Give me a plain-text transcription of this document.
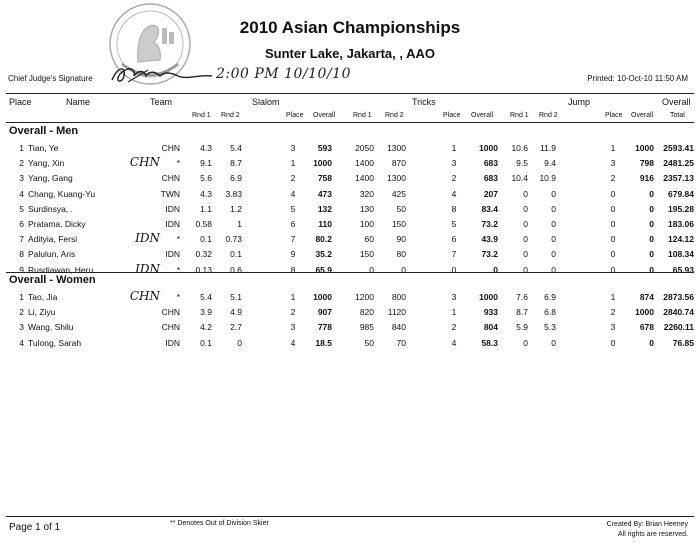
2010 Asian Championships
Sunter Lake, Jakarta, , AAO
Chief Judge's Signature	2:00 PM 10/10/10	Printed: 10-Oct-10 11:50 AM
Place	Name	Team	Slalom	Tricks	Jump	Overall
Rnd 1 Rnd 2	Place Overall	Rnd 1 Rnd 2	Place Overall Rnd 1 Rnd 2	Place Overall Total
Overall - Men
1 Tian, Ye	CHN	4.3	5.4	3	593	2050	1300	1	1000	10.6	11.9	1	1000	2593.41
2 Yang, Xin	CHN	*	9.1	8.7	1	1000	1400	870	3	683	9.5	9.4	3	798	2481.25
3 Yang, Gang	CHN	5.6	6.9	2	758	1400	1300	2	683	10.4	10.9	2	916	2357.13
4 Chang, Kuang-Yu	TWN	4.3	3.83	4	473	320	425	4	207	0	0	0	0	679.84
5 Surdinsya, .	IDN	1.1	1.2	5	132	130	50	8	83.4	0	0	0	0	195.28
6 Pratama, Dicky	IDN	0.58	1	6	110	100	150	5	73.2	0	0	0	0	183.06
7 Adityia, Fersi	IDN	*	0.1	0.73	7	80.2	60	90	6	43.9	0	0	0	0	124.12
8 Palulun, Aris	IDN	0.32	0.1	9	35.2	150	80	7	73.2	0	0	0	0	108.34
9 Rusdiawan, Heru	IDN	*	0.13	0.6	8	65.9	0	0	0	0	0	0	0	0	65.93
Overall - Women
1 Tao, Jia	CHN	*	5.4	5.1	1	1000	1200	800	3	1000	7.6	6.9	1	874	2873.56
2 Li, Ziyu	CHN	3.9	4.9	2	907	820	1120	1	933	8.7	6.8	2	1000	2840.74
3 Wang, Shilu	CHN	4.2	2.7	3	778	985	840	2	804	5.9	5.3	3	678	2260.11
4 Tulong, Sarah	IDN	0.1	0	4	18.5	50	70	4	58.3	0	0	0	0	76.85
Page 1 of 1	** Denotes Out of Division Skier	Created By: Brian Heeney
All rights are reserved.
